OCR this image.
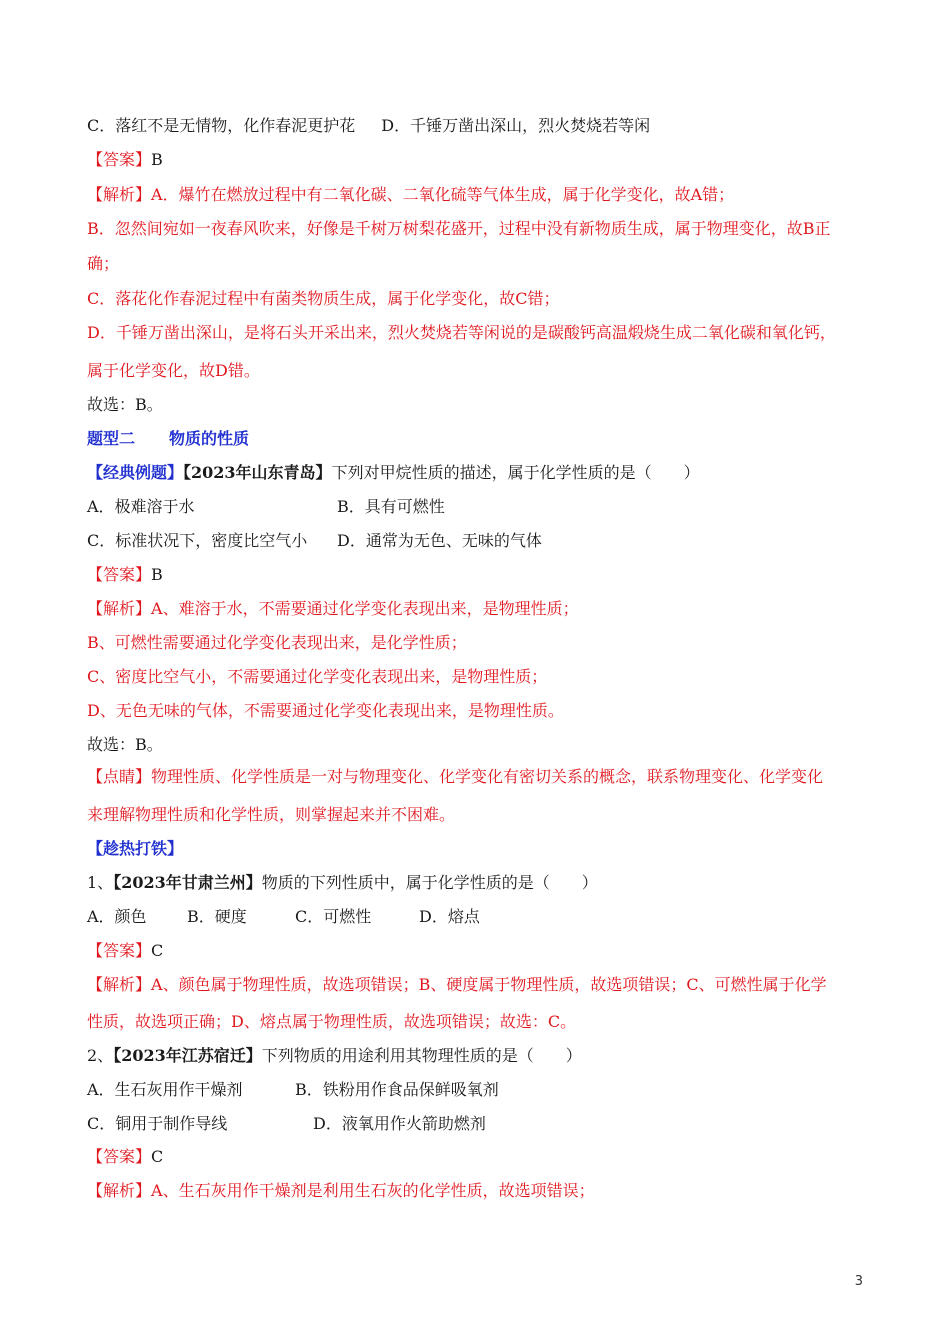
C．落红不是无情物，化作春泥更护花 D．千锤万凿出深山，烈火焚烧若等闲
【答案】B
【解析】A．爆竹在燃放过程中有二氧化碳、二氧化硫等气体生成，属于化学变化，故A错；
B．忽然间宛如一夜春风吹来，好像是千树万树梨花盛开，过程中没有新物质生成，属于物理变化，故B正
确；
C．落花化作春泥过程中有菌类物质生成，属于化学变化，故C错；
D．千锤万凿出深山，是将石头开采出来，烈火焚烧若等闲说的是碳酸钙高温煅烧生成二氧化碳和氧化钙，
属于化学变化，故D错。
故选：B。
题型二 物质的性质
【经典例题】【2023年山东青岛】下列对甲烷性质的描述，属于化学性质的是（　　）
A．极难溶于水	B．具有可燃性
C．标准状况下，密度比空气小 D．通常为无色、无味的气体
【答案】B
【解析】A、难溶于水，不需要通过化学变化表现出来，是物理性质；
B、可燃性需要通过化学变化表现出来，是化学性质；
C、密度比空气小，不需要通过化学变化表现出来，是物理性质；
D、无色无味的气体，不需要通过化学变化表现出来，是物理性质。
故选：B。
【点睛】物理性质、化学性质是一对与物理变化、化学变化有密切关系的概念，联系物理变化、化学变化
来理解物理性质和化学性质，则掌握起来并不困难。
【趁热打铁】
1、【2023年甘肃兰州】物质的下列性质中，属于化学性质的是（　　）
A．颜色	B．硬度	C．可燃性	D．熔点
【答案】C
【解析】A、颜色属于物理性质，故选项错误；B、硬度属于物理性质，故选项错误；C、可燃性属于化学
性质，故选项正确；D、熔点属于物理性质，故选项错误；故选：C。
2、【2023年江苏宿迁】下列物质的用途利用其物理性质的是（　　）
A．生石灰用作干燥剂	B．铁粉用作食品保鲜吸氧剂
C．铜用于制作导线	D．液氧用作火箭助燃剂
【答案】C
【解析】A、生石灰用作干燥剂是利用生石灰的化学性质，故选项错误；
3
